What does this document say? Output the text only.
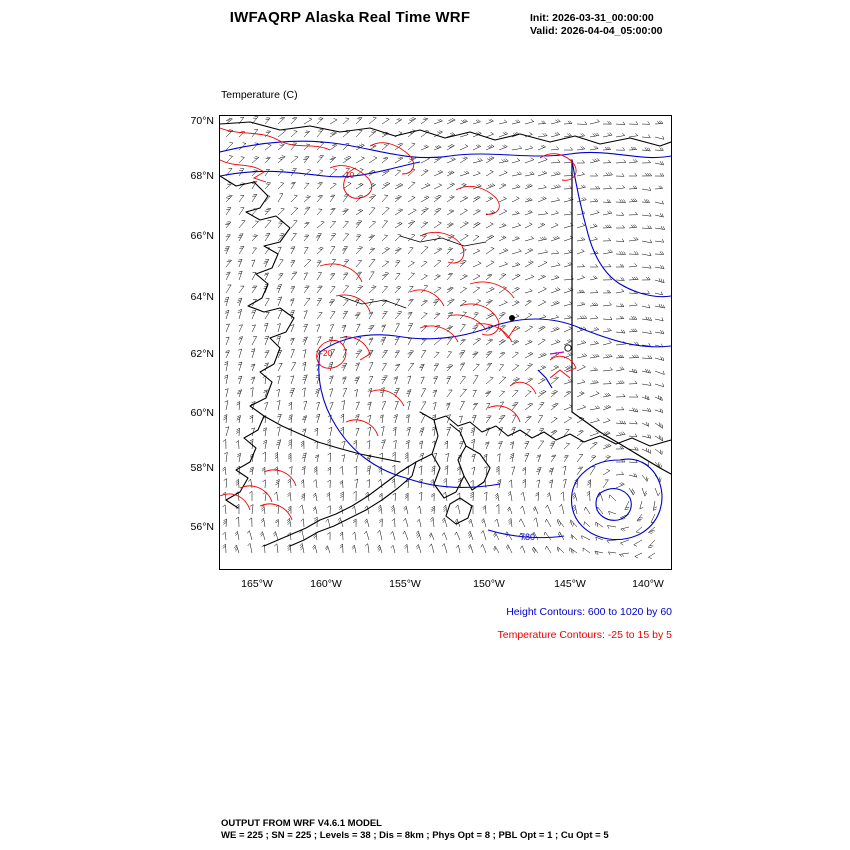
IWFAQRP Alaska Real Time WRF	Init: 2026-03-31_00:00:00
Valid: 2026-04-04_05:00:00

Temperature (C)

780
-10
-20
70°N
68°N
66°N
64°N
62°N
60°N
58°N
56°N
165°W	160°W	155°W	150°W	145°W	140°W
Height Contours: 600 to 1020 by 60
Temperature Contours: -25 to 15 by 5
OUTPUT FROM WRF V4.6.1 MODEL
WE = 225 ; SN = 225 ; Levels = 38 ; Dis = 8km ; Phys Opt = 8 ; PBL Opt = 1 ; Cu Opt = 5
